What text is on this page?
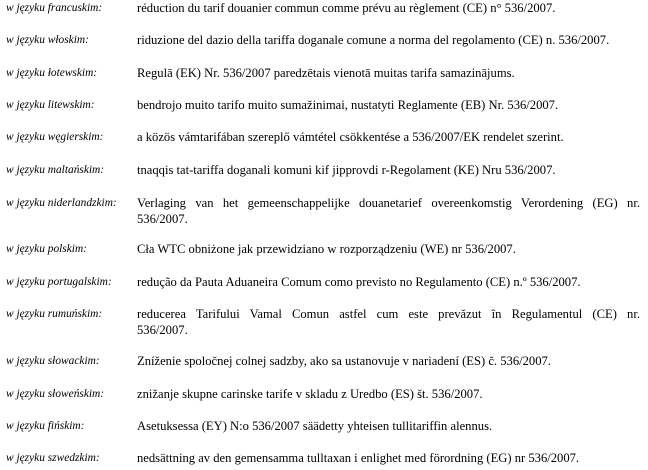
w języku francuskim:	réduction du tarif douanier commun comme prévu au règlement (CE) n° 536/2007.
w języku włoskim:	riduzione del dazio della tariffa doganale comune a norma del regolamento (CE) n. 536/2007.
w języku łotewskim:	Regulā (EK) Nr. 536/2007 paredzētais vienotā muitas tarifa samazinājums.
w języku litewskim:	bendrojo muito tarifo muito sumažinimai, nustatyti Reglamente (EB) Nr. 536/2007.
w języku węgierskim:	a közös vámtarifában szereplő vámtétel csökkentése a 536/2007/EK rendelet szerint.
w języku maltańskim:	tnaqqis tat-tariffa doganali komuni kif jipprovdi r-Regolament (KE) Nru 536/2007.
w języku niderlandzkim: Verlaging van het gemeenschappelijke douanetarief overeenkomstig Verordening (EG) nr.
536/2007.
w języku polskim:	Cła WTC obniżone jak przewidziano w rozporządzeniu (WE) nr 536/2007.
w języku portugalskim: redução da Pauta Aduaneira Comum como previsto no Regulamento (CE) n.º 536/2007.
w języku rumuńskim:	reducerea Tarifului Vamal Comun astfel cum este prevăzut în Regulamentul (CE) nr.
536/2007.
w języku słowackim:	Zníženie spoločnej colnej sadzby, ako sa ustanovuje v nariadení (ES) č. 536/2007.
w języku słoweńskim:	znižanje skupne carinske tarife v skladu z Uredbo (ES) št. 536/2007.
w języku fińskim:	Asetuksessa (EY) N:o 536/2007 säädetty yhteisen tullitariffin alennus.
w języku szwedzkim:	nedsättning av den gemensamma tulltaxan i enlighet med förordning (EG) nr 536/2007.
